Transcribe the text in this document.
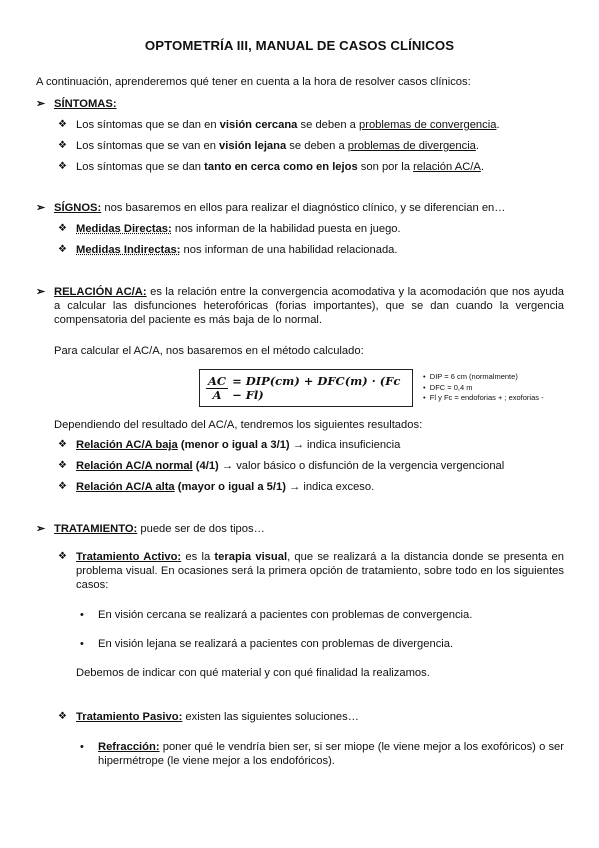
OPTOMETRÍA III, MANUAL DE CASOS CLÍNICOS
A continuación, aprenderemos qué tener en cuenta a la hora de resolver casos clínicos:
➢ SÍNTOMAS:
❖ Los síntomas que se dan en visión cercana se deben a problemas de convergencia.
❖ Los síntomas que se van en visión lejana se deben a problemas de divergencia.
❖ Los síntomas que se dan tanto en cerca como en lejos son por la relación AC/A.
➢ SÍGNOS: nos basaremos en ellos para realizar el diagnóstico clínico, y se diferencian en…
❖ Medidas Directas: nos informan de la habilidad puesta en juego.
❖ Medidas Indirectas: nos informan de una habilidad relacionada.
➢ RELACIÓN AC/A: es la relación entre la convergencia acomodativa y la acomodación que nos ayuda a calcular las disfunciones heterofóricas (forias importantes), que se dan cuando la vergencia compensatoria del paciente es más baja de lo normal.
Para calcular el AC/A, nos basaremos en el método calculado:
$\frac{AC}{A} = DIP(cm) + DFC(m) \cdot (Fc - Fl)$
•  DIP = 6 cm (normalmente)
•  DFC = 0,4 m
•  Fl y Fc = endoforias + ; exoforias -
Dependiendo del resultado del AC/A, tendremos los siguientes resultados:
❖ Relación AC/A baja (menor o igual a 3/1) → indica insuficiencia
❖ Relación AC/A normal (4/1) → valor básico o disfunción de la vergencia vergencional
❖ Relación AC/A alta (mayor o igual a 5/1) → indica exceso.
➢ TRATAMIENTO: puede ser de dos tipos…
❖ Tratamiento Activo: es la terapia visual, que se realizará a la distancia donde se presenta en problema visual. En ocasiones será la primera opción de tratamiento, sobre todo en los siguientes casos:
• En visión cercana se realizará a pacientes con problemas de convergencia.
• En visión lejana se realizará a pacientes con problemas de divergencia.
Debemos de indicar con qué material y con qué finalidad la realizamos.
❖ Tratamiento Pasivo: existen las siguientes soluciones…
• Refracción: poner qué le vendría bien ser, si ser miope (le viene mejor a los exofóricos) o ser hipermétrope (le viene mejor a los endofóricos).
